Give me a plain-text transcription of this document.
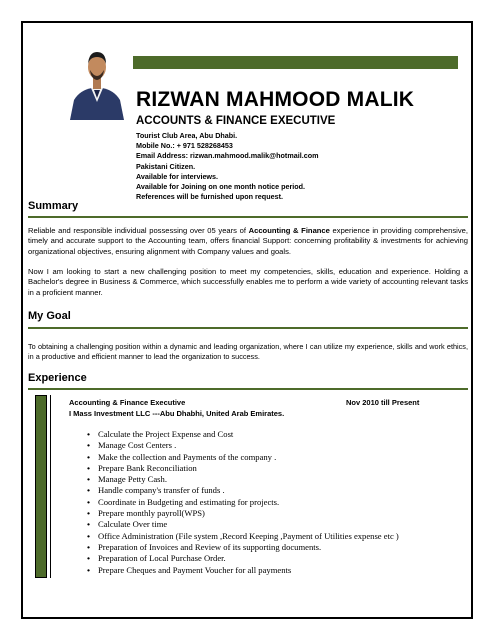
RIZWAN MAHMOOD MALIK
ACCOUNTS & FINANCE EXECUTIVE
Tourist Club Area, Abu Dhabi.
Mobile No.: + 971 528268453
Email Address: rizwan.mahmood.malik@hotmail.com
Pakistani Citizen.
Available for interviews.
Available for Joining on one month notice period.
References will be furnished upon request.
Summary
Reliable and responsible individual possessing over 05 years of Accounting & Finance experience in providing comprehensive, timely and accurate support to the Accounting team, offers financial Support: concerning profitability & investments for achieving organizational objectives, ensuring alignment with Company values and goals.
Now I am looking to start a new challenging position to meet my competencies, skills, education and experience. Holding a Bachelor's degree in Business & Commerce, which successfully enables me to perform a wide variety of accounting relevant tasks in a proficient manner.
My Goal
To obtaining a challenging position within a dynamic and leading organization, where I can utilize my experience, skills and work ethics, in a productive and efficient manner to lead the organization to success.
Experience
Accounting & Finance Executive	Nov 2010 till Present
I Mass Investment LLC ---Abu Dhabhi, United Arab Emirates.
• Calculate the Project Expense and Cost
• Manage Cost Centers .
• Make the collection and Payments of the company .
• Prepare Bank Reconciliation
• Manage Petty Cash.
• Handle company's transfer of funds .
• Coordinate in Budgeting and estimating for projects.
• Prepare monthly payroll(WPS)
• Calculate Over time
• Office Administration (File system ,Record Keeping ,Payment of Utilities expense etc )
• Preparation of Invoices and Review of its supporting documents.
• Preparation of Local Purchase Order.
• Prepare Cheques and Payment Voucher for all payments
